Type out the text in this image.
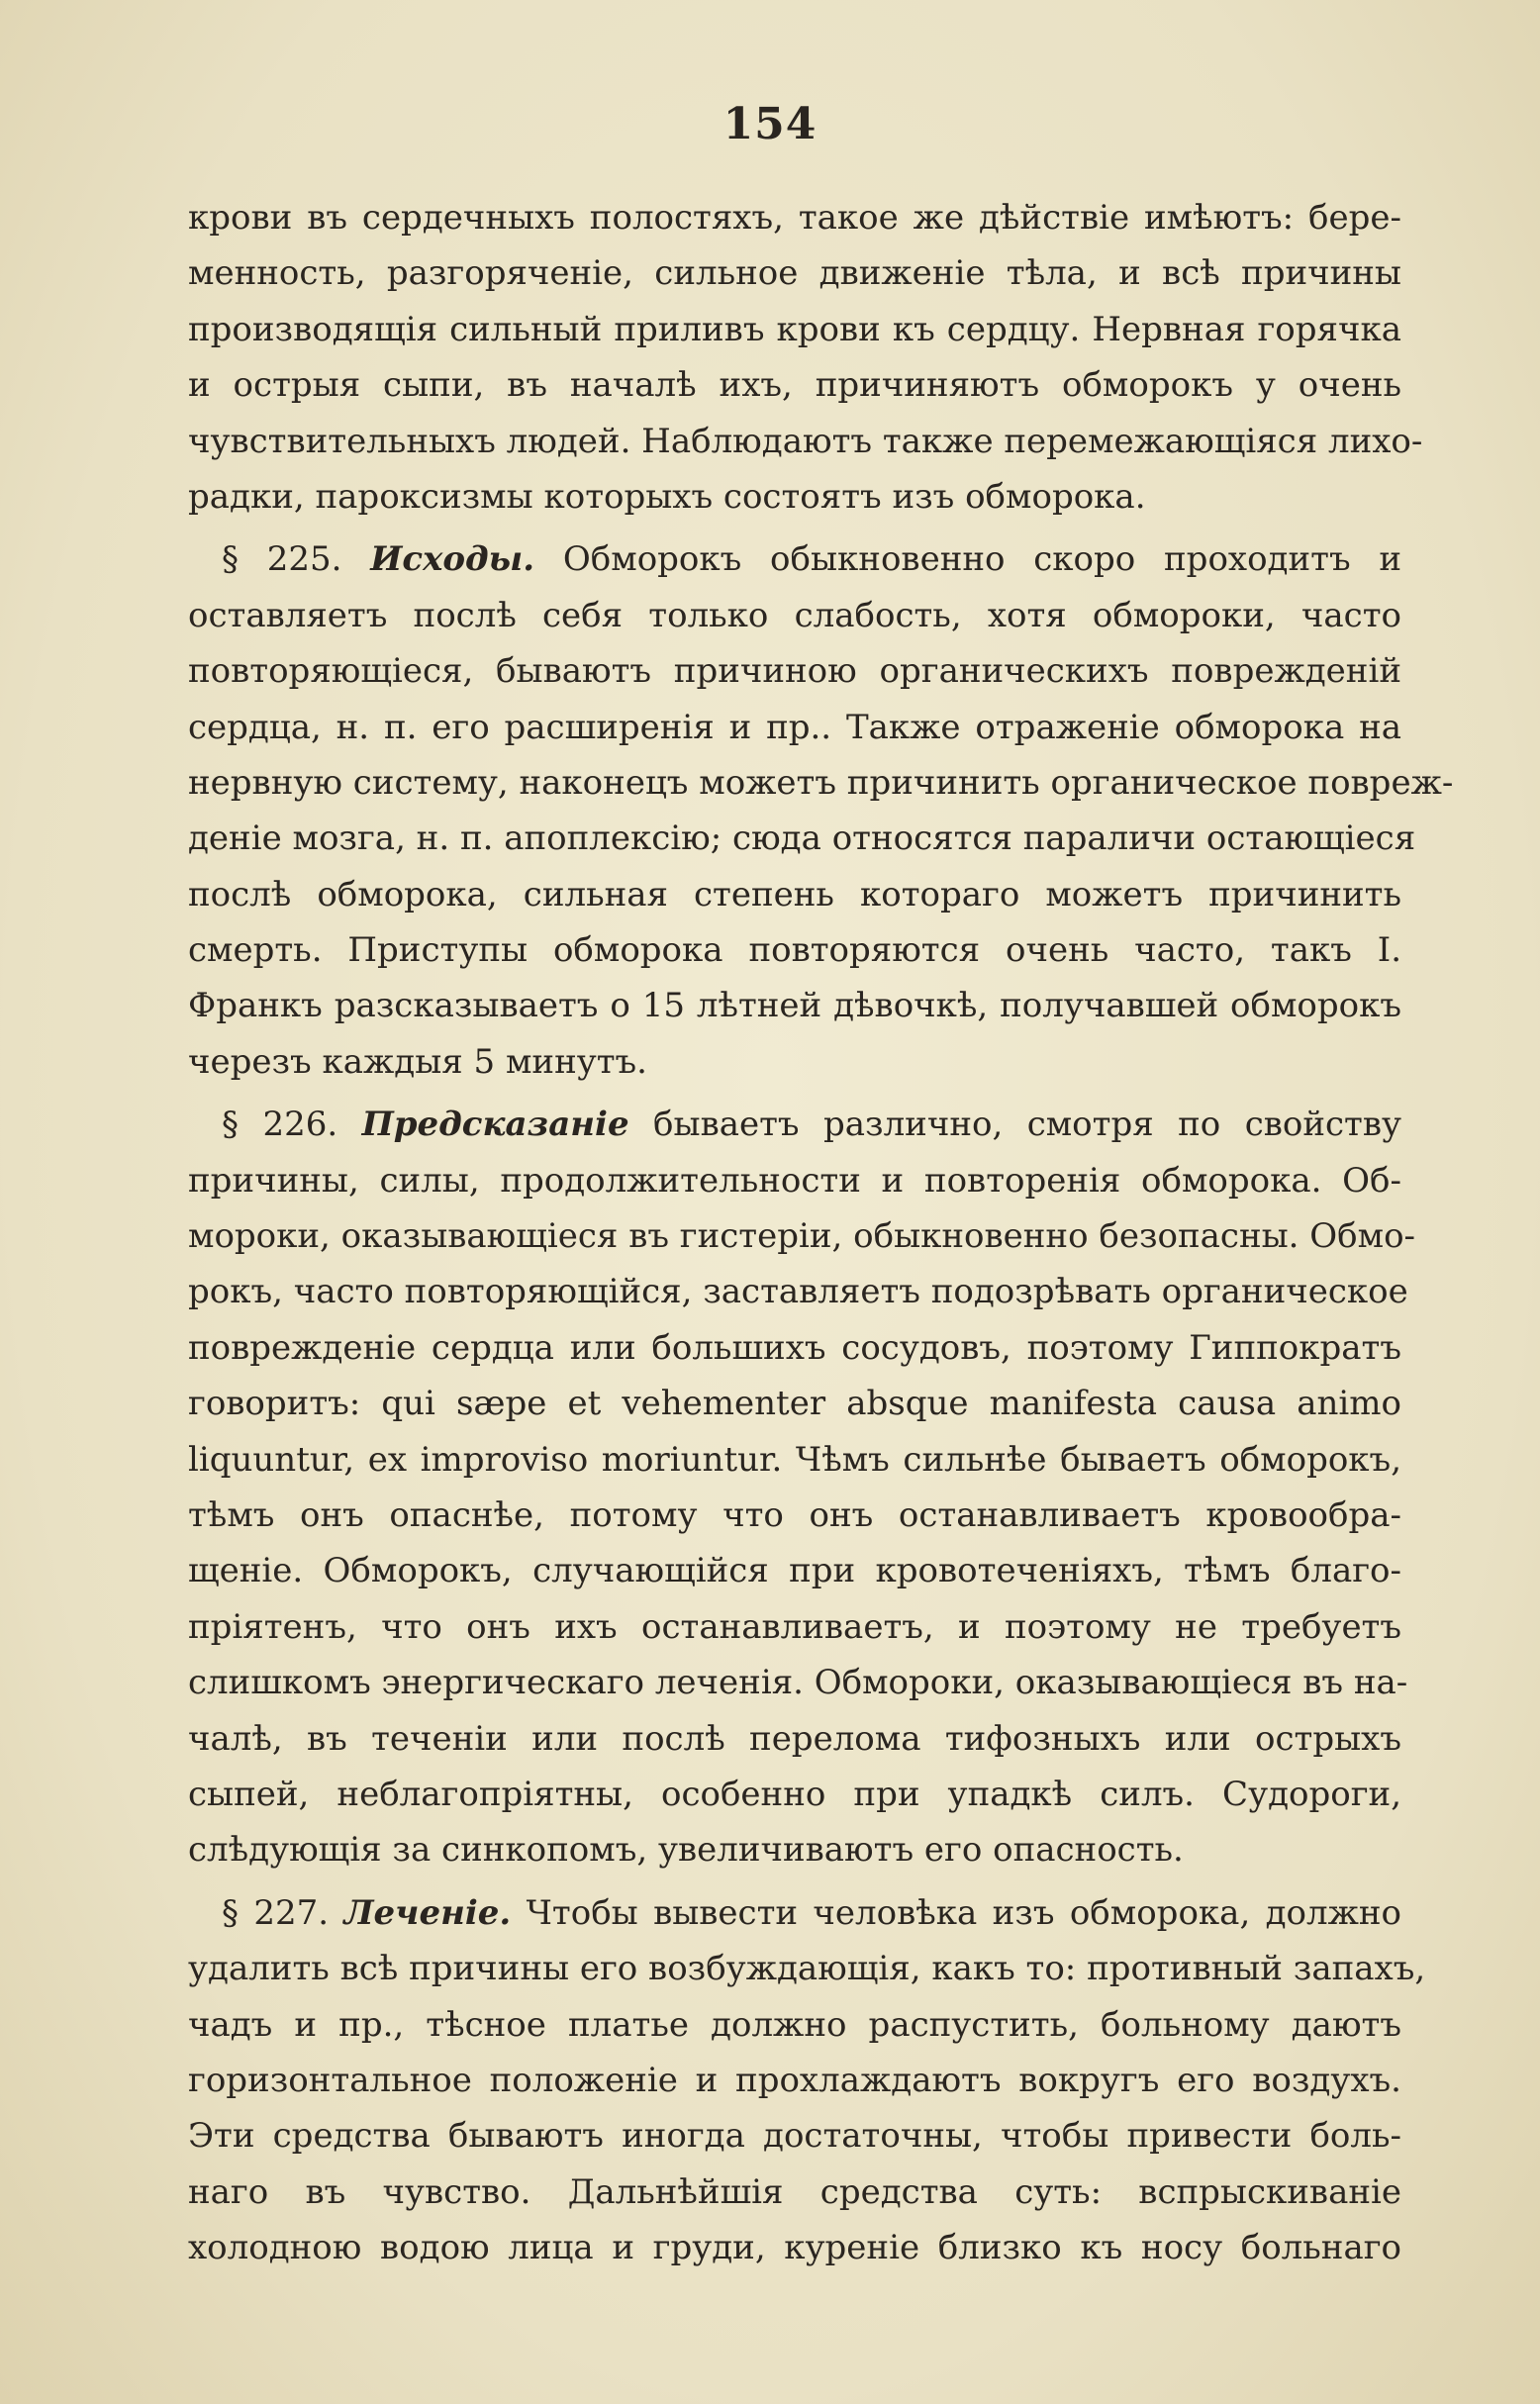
154
крови въ сердечныхъ полостяхъ, такое же дѣйствіе имѣютъ: бере-
менность, разгоряченіе, сильное движеніе тѣла, и всѣ причины
производящія сильный приливъ крови къ сердцу. Нервная горячка
и острыя сыпи, въ началѣ ихъ, причиняютъ обморокъ у очень
чувствительныхъ людей. Наблюдаютъ также перемежающіяся лихо-
радки, пароксизмы которыхъ состоятъ изъ обморока.
§ 225. Исходы. Обморокъ обыкновенно скоро проходитъ и
оставляетъ послѣ себя только слабость, хотя обмороки, часто
повторяющіеся, бываютъ причиною органическихъ поврежденій
сердца, н. п. его расширенія и пр.. Также отраженіе обморока на
нервную систему, наконецъ можетъ причинить органическое повреж-
деніе мозга, н. п. апоплексію; сюда относятся параличи остающіеся
послѣ обморока, сильная степень котораго можетъ причинить
смерть. Приступы обморока повторяются очень часто, такъ I.
Франкъ разсказываетъ о 15 лѣтней дѣвочкѣ, получавшей обморокъ
черезъ каждыя 5 минутъ.
§ 226. Предсказаніе бываетъ различно, смотря по свойству
причины, силы, продолжительности и повторенія обморока. Об-
мороки, оказывающіеся въ гистеріи, обыкновенно безопасны. Обмо-
рокъ, часто повторяющійся, заставляетъ подозрѣвать органическое
поврежденіе сердца или большихъ сосудовъ, поэтому Гиппократъ
говоритъ: qui sæpe et vehementer absque manifesta causa animo
liquuntur, ex improviso moriuntur. Чѣмъ сильнѣе бываетъ обморокъ,
тѣмъ онъ опаснѣе, потому что онъ останавливаетъ кровообра-
щеніе. Обморокъ, случающійся при кровотеченіяхъ, тѣмъ благо-
пріятенъ, что онъ ихъ останавливаетъ, и поэтому не требуетъ
слишкомъ энергическаго леченія. Обмороки, оказывающіеся въ на-
чалѣ, въ теченіи или послѣ перелома тифозныхъ или острыхъ
сыпей, неблагопріятны, особенно при упадкѣ силъ. Судороги,
слѣдующія за синкопомъ, увеличиваютъ его опасность.
§ 227. Леченіе. Чтобы вывести человѣка изъ обморока, должно
удалить всѣ причины его возбуждающія, какъ то: противный запахъ,
чадъ и пр., тѣсное платье должно распустить, больному даютъ
горизонтальное положеніе и прохлаждаютъ вокругъ его воздухъ.
Эти средства бываютъ иногда достаточны, чтобы привести боль-
наго въ чувство. Дальнѣйшія средства суть: вспрыскиваніе
холодною водою лица и груди, куреніе близко къ носу больнаго
